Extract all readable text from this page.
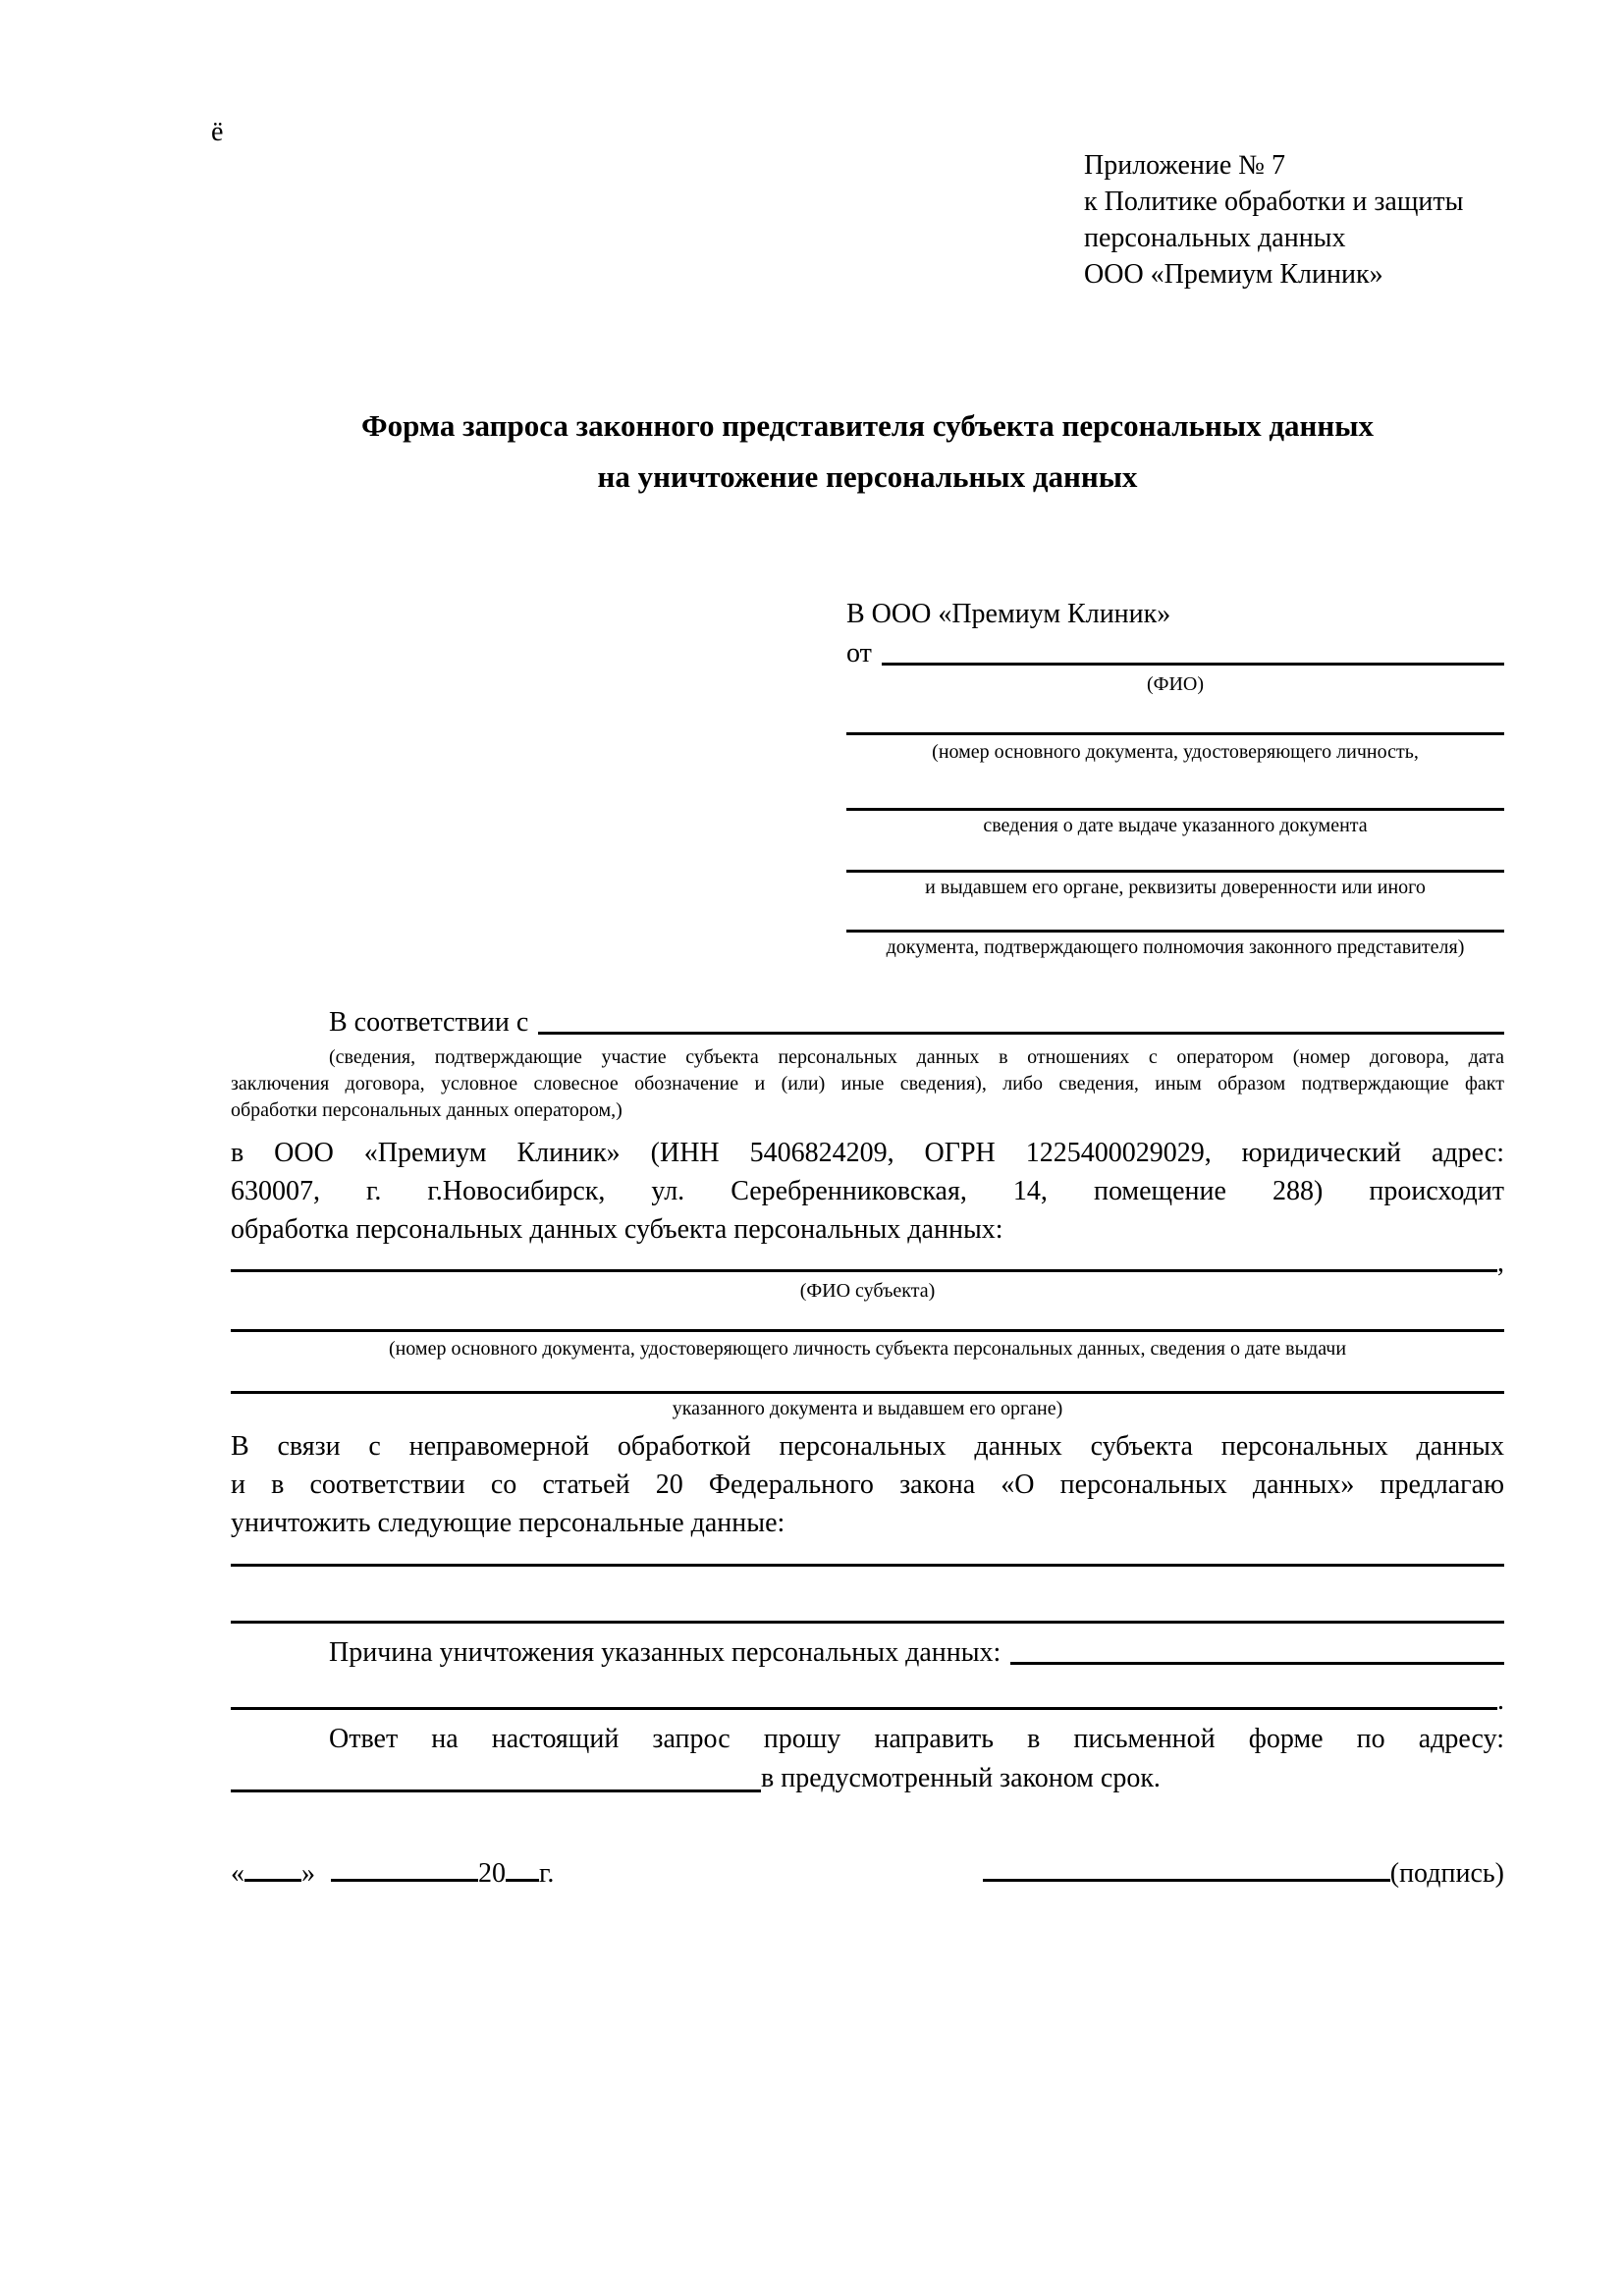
ё
Приложение № 7
к Политике обработки и защиты
персональных данных
ООО «Премиум Клиник»
Форма запроса законного представителя субъекта персональных данных
на уничтожение персональных данных
В ООО «Премиум Клиник»
от
(ФИО)
(номер основного документа, удостоверяющего личность,
сведения о дате выдаче указанного документа
и выдавшем его органе, реквизиты доверенности или иного
документа, подтверждающего полномочия законного представителя)
В соответствии с
(сведения, подтверждающие участие субъекта персональных данных в отношениях с оператором (номер договора, дата
заключения договора, условное словесное обозначение и (или) иные сведения), либо сведения, иным образом подтверждающие факт
обработки персональных данных оператором,)
в ООО «Премиум Клиник» (ИНН 5406824209, ОГРН 1225400029029, юридический адрес:
630007, г. г.Новосибирск, ул. Серебренниковская, 14, помещение 288) происходит
обработка персональных данных субъекта персональных данных:
,
(ФИО субъекта)
(номер основного документа, удостоверяющего личность субъекта персональных данных, сведения о дате выдачи
указанного документа и выдавшем его органе)
В связи с неправомерной обработкой персональных данных субъекта персональных данных
и в соответствии со статьей 20 Федерального закона «О персональных данных» предлагаю
уничтожить следующие персональные данные:
Причина уничтожения указанных персональных данных:
.
Ответ на настоящий запрос прошу направить в письменной форме по адресу:
в предусмотренный законом срок.
« »	20 г.	(подпись)
